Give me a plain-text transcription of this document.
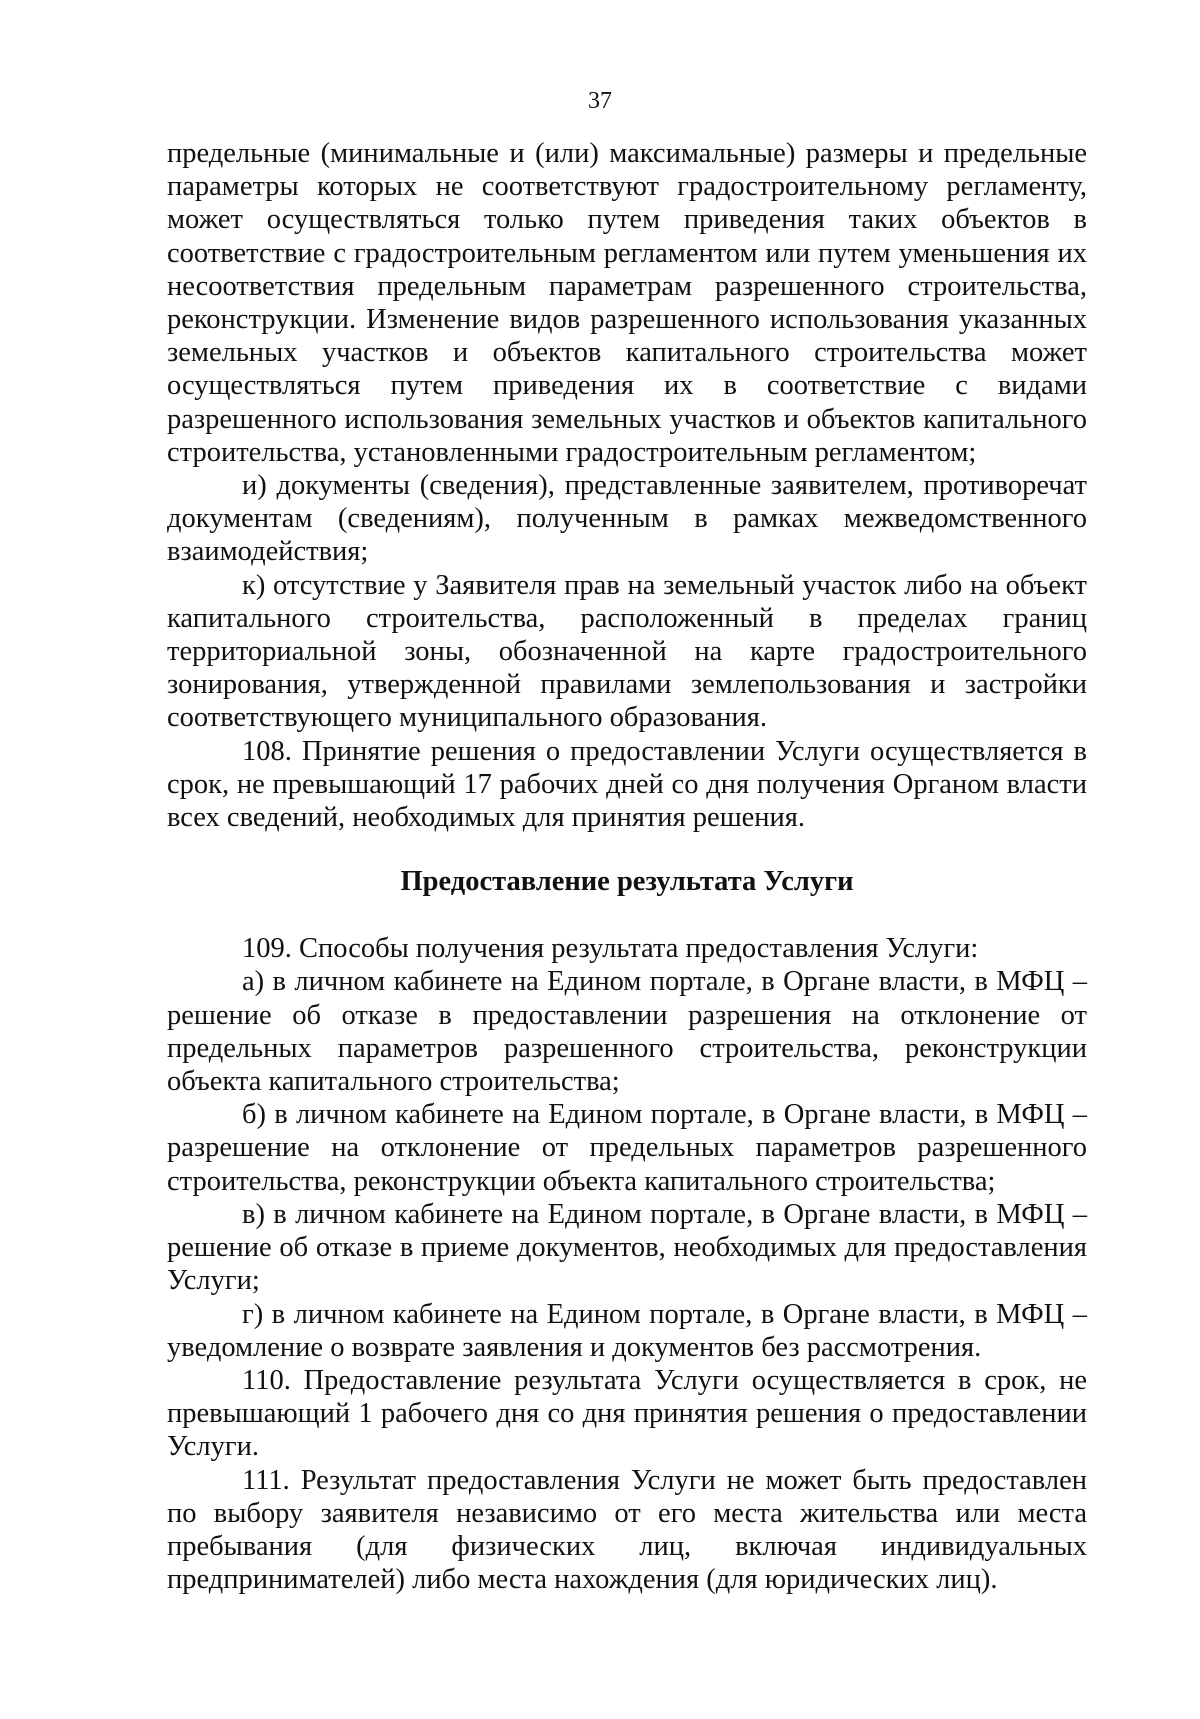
37

предельные (минимальные и (или) максимальные) размеры и предельные параметры которых не соответствуют градостроительному регламенту, может осуществляться только путем приведения таких объектов в соответствие с градостроительным регламентом или путем уменьшения их несоответствия предельным параметрам разрешенного строительства, реконструкции. Изменение видов разрешенного использования указанных земельных участков и объектов капитального строительства может осуществляться путем приведения их в соответствие с видами разрешенного использования земельных участков и объектов капитального строительства, установленными градостроительным регламентом;

и) документы (сведения), представленные заявителем, противоречат документам (сведениям), полученным в рамках межведомственного взаимодействия;

к) отсутствие у Заявителя прав на земельный участок либо на объект капитального строительства, расположенный в пределах границ территориальной зоны, обозначенной на карте градостроительного зонирования, утвержденной правилами землепользования и застройки соответствующего муниципального образования.

108. Принятие решения о предоставлении Услуги осуществляется в срок, не превышающий 17 рабочих дней со дня получения Органом власти всех сведений, необходимых для принятия решения.

Предоставление результата Услуги

109. Способы получения результата предоставления Услуги:

а) в личном кабинете на Едином портале, в Органе власти, в МФЦ – решение об отказе в предоставлении разрешения на отклонение от предельных параметров разрешенного строительства, реконструкции объекта капитального строительства;

б) в личном кабинете на Едином портале, в Органе власти, в МФЦ – разрешение на отклонение от предельных параметров разрешенного строительства, реконструкции объекта капитального строительства;

в) в личном кабинете на Едином портале, в Органе власти, в МФЦ – решение об отказе в приеме документов, необходимых для предоставления Услуги;

г) в личном кабинете на Едином портале, в Органе власти, в МФЦ – уведомление о возврате заявления и документов без рассмотрения.

110. Предоставление результата Услуги осуществляется в срок, не превышающий 1 рабочего дня со дня принятия решения о предоставлении Услуги.

111. Результат предоставления Услуги не может быть предоставлен по выбору заявителя независимо от его места жительства или места пребывания (для физических лиц, включая индивидуальных предпринимателей) либо места нахождения (для юридических лиц).
